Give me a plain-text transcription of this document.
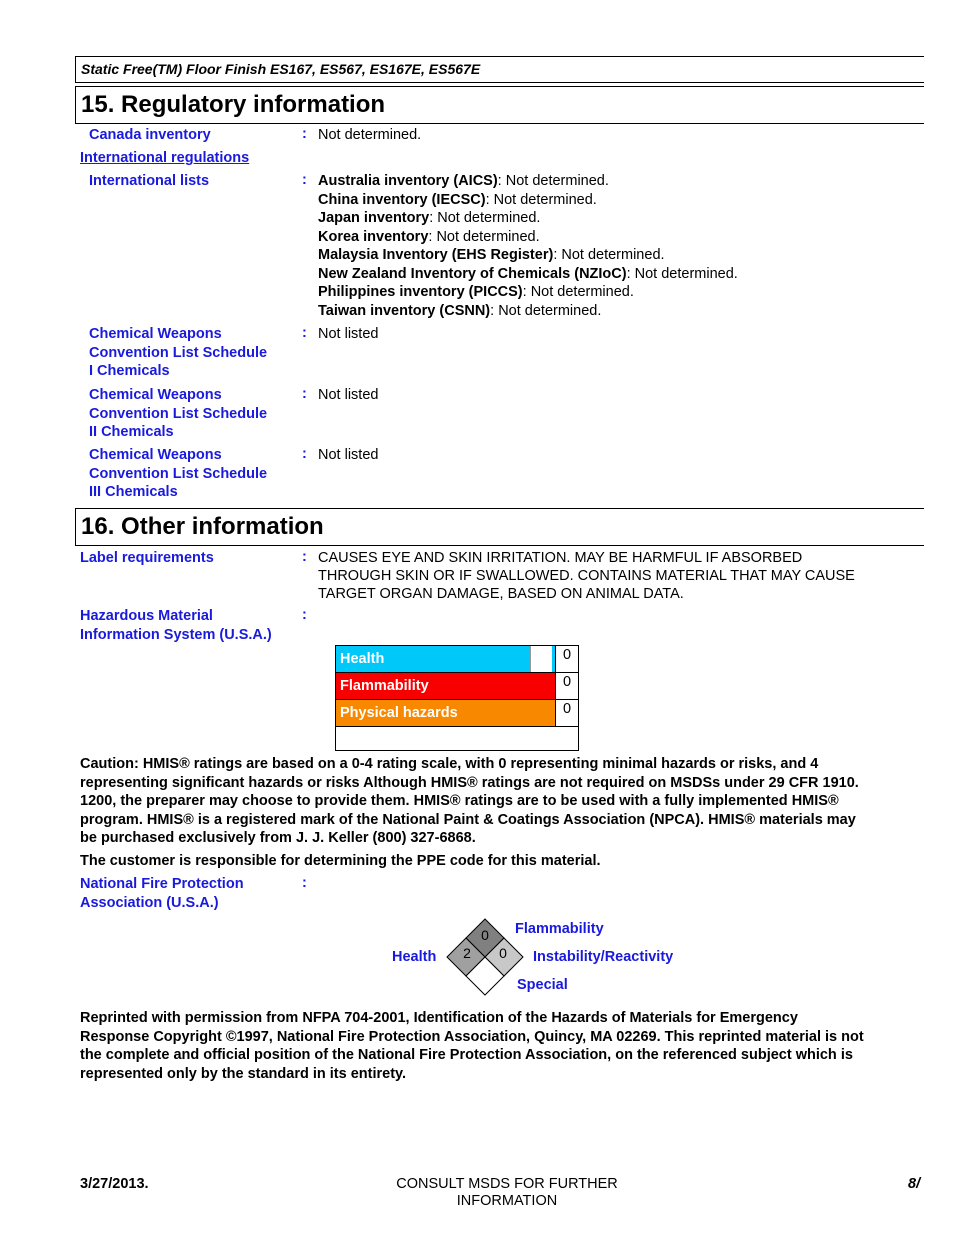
Static Free(TM) Floor Finish ES167, ES567, ES167E, ES567E
15. Regulatory information
Canada inventory	: Not determined.
International regulations
International lists	: Australia inventory (AICS): Not determined.
China inventory (IECSC): Not determined.
Japan inventory: Not determined.
Korea inventory: Not determined.
Malaysia Inventory (EHS Register): Not determined.
New Zealand Inventory of Chemicals (NZIoC): Not determined.
Philippines inventory (PICCS): Not determined.
Taiwan inventory (CSNN): Not determined.
Chemical Weapons
Convention List Schedule
I Chemicals
: Not listed
Chemical Weapons
Convention List Schedule
II Chemicals
: Not listed
Chemical Weapons
Convention List Schedule
III Chemicals
: Not listed
16. Other information
Label requirements	: CAUSES EYE AND SKIN IRRITATION. MAY BE HARMFUL IF ABSORBED
THROUGH SKIN OR IF SWALLOWED. CONTAINS MATERIAL THAT MAY CAUSE
TARGET ORGAN DAMAGE, BASED ON ANIMAL DATA.
Hazardous Material
Information System (U.S.A.)
:
Health	0
Flammability	0
Physical hazards	0
Caution: HMIS® ratings are based on a 0-4 rating scale, with 0 representing minimal hazards or risks, and 4
representing significant hazards or risks Although HMIS® ratings are not required on MSDSs under 29 CFR 1910.
1200, the preparer may choose to provide them. HMIS® ratings are to be used with a fully implemented HMIS®
program. HMIS® is a registered mark of the National Paint & Coatings Association (NPCA). HMIS® materials may
be purchased exclusively from J. J. Keller (800) 327-6868.
The customer is responsible for determining the PPE code for this material.
National Fire Protection
Association (U.S.A.)
:
0
2 0
Flammability
Health	Instability/Reactivity
Special
Reprinted with permission from NFPA 704-2001, Identification of the Hazards of Materials for Emergency
Response Copyright ©1997, National Fire Protection Association, Quincy, MA 02269. This reprinted material is not
the complete and official position of the National Fire Protection Association, on the referenced subject which is
represented only by the standard in its entirety.
3/27/2013.	CONSULT MSDS FOR FURTHER
INFORMATION
8/
